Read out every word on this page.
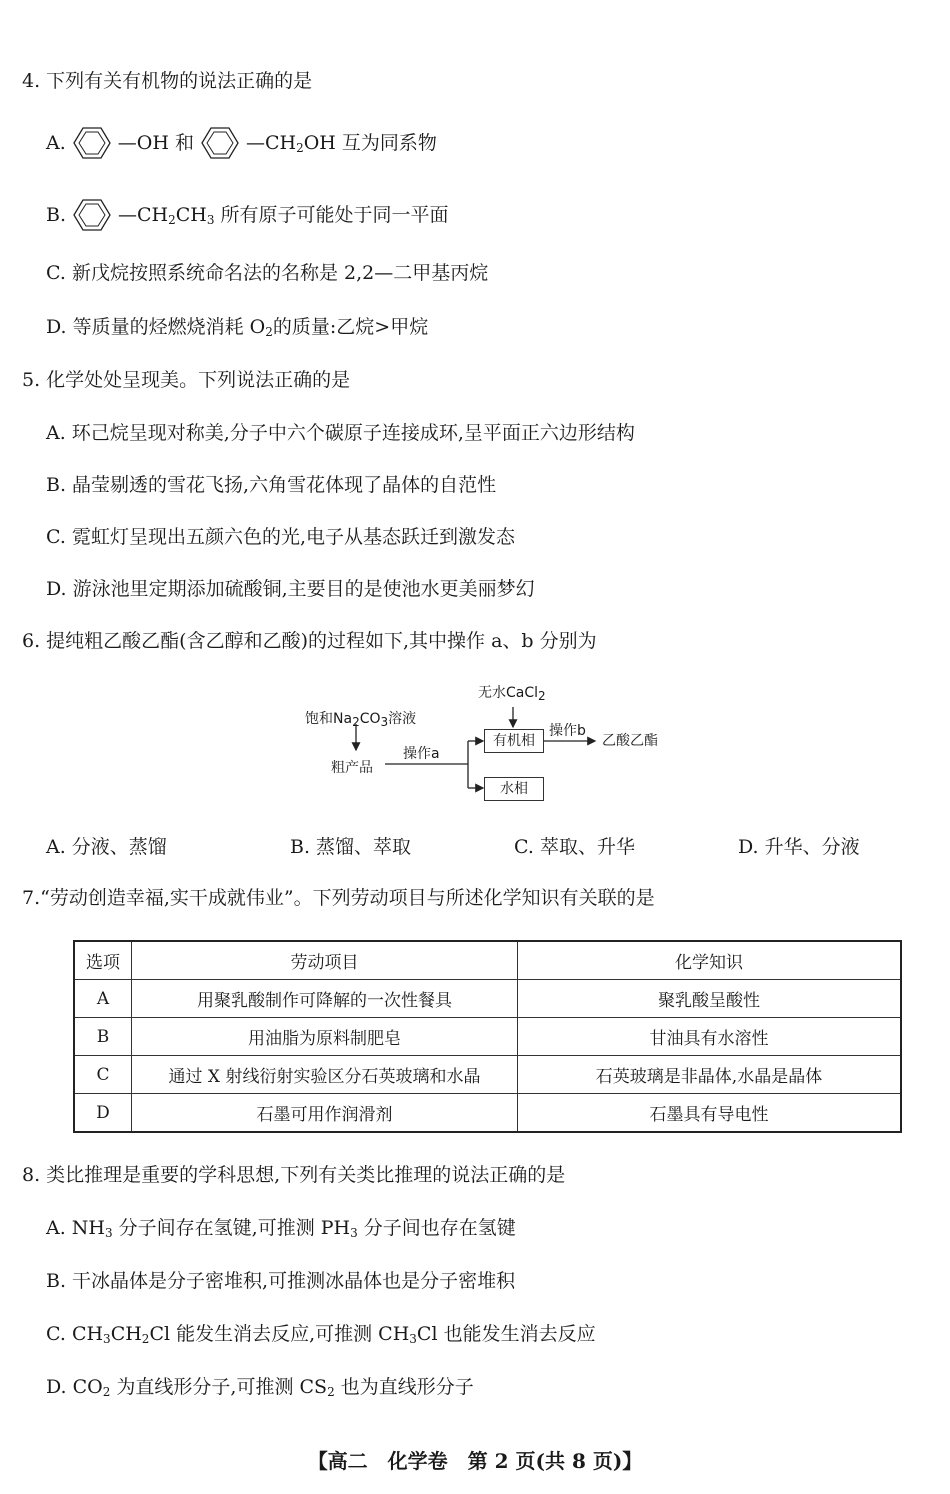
4. 下列有关有机物的说法正确的是
A.	—OH 和	$—CH_2OH$ 互为同系物
B.	$—CH_2CH_3$ 所有原子可能处于同一平面
C. 新戊烷按照系统命名法的名称是 2,2—二甲基丙烷
D. 等质量的烃燃烧消耗 $O_2$的质量:乙烷>甲烷
5. 化学处处呈现美。下列说法正确的是
A. 环己烷呈现对称美,分子中六个碳原子连接成环,呈平面正六边形结构
B. 晶莹剔透的雪花飞扬,六角雪花体现了晶体的自范性
C. 霓虹灯呈现出五颜六色的光,电子从基态跃迁到激发态
D. 游泳池里定期添加硫酸铜,主要目的是使池水更美丽梦幻
6. 提纯粗乙酸乙酯(含乙醇和乙酸)的过程如下,其中操作 a、b 分别为
饱和$Na_2CO_3$溶液
无水CaCl$_2$
粗产品
操作a
有机相
操作b
乙酸乙酯
水相
A. 分液、蒸馏	B. 蒸馏、萃取	C. 萃取、升华	D. 升华、分液
7.“劳动创造幸福,实干成就伟业”。下列劳动项目与所述化学知识有关联的是
选项	劳动项目	化学知识
A	用聚乳酸制作可降解的一次性餐具	聚乳酸呈酸性
B	用油脂为原料制肥皂	甘油具有水溶性
C	通过 X 射线衍射实验区分石英玻璃和水晶	石英玻璃是非晶体,水晶是晶体
D	石墨可用作润滑剂	石墨具有导电性
8. 类比推理是重要的学科思想,下列有关类比推理的说法正确的是
A. $NH_3$ 分子间存在氢键,可推测 $PH_3$ 分子间也存在氢键
B. 干冰晶体是分子密堆积,可推测冰晶体也是分子密堆积
C. $CH_3CH_2Cl$ 能发生消去反应,可推测 $CH_3Cl$ 也能发生消去反应
D. $CO_2$ 为直线形分子,可推测 $CS_2$ 也为直线形分子
【高二　化学卷　第 2 页(共 8 页)】
